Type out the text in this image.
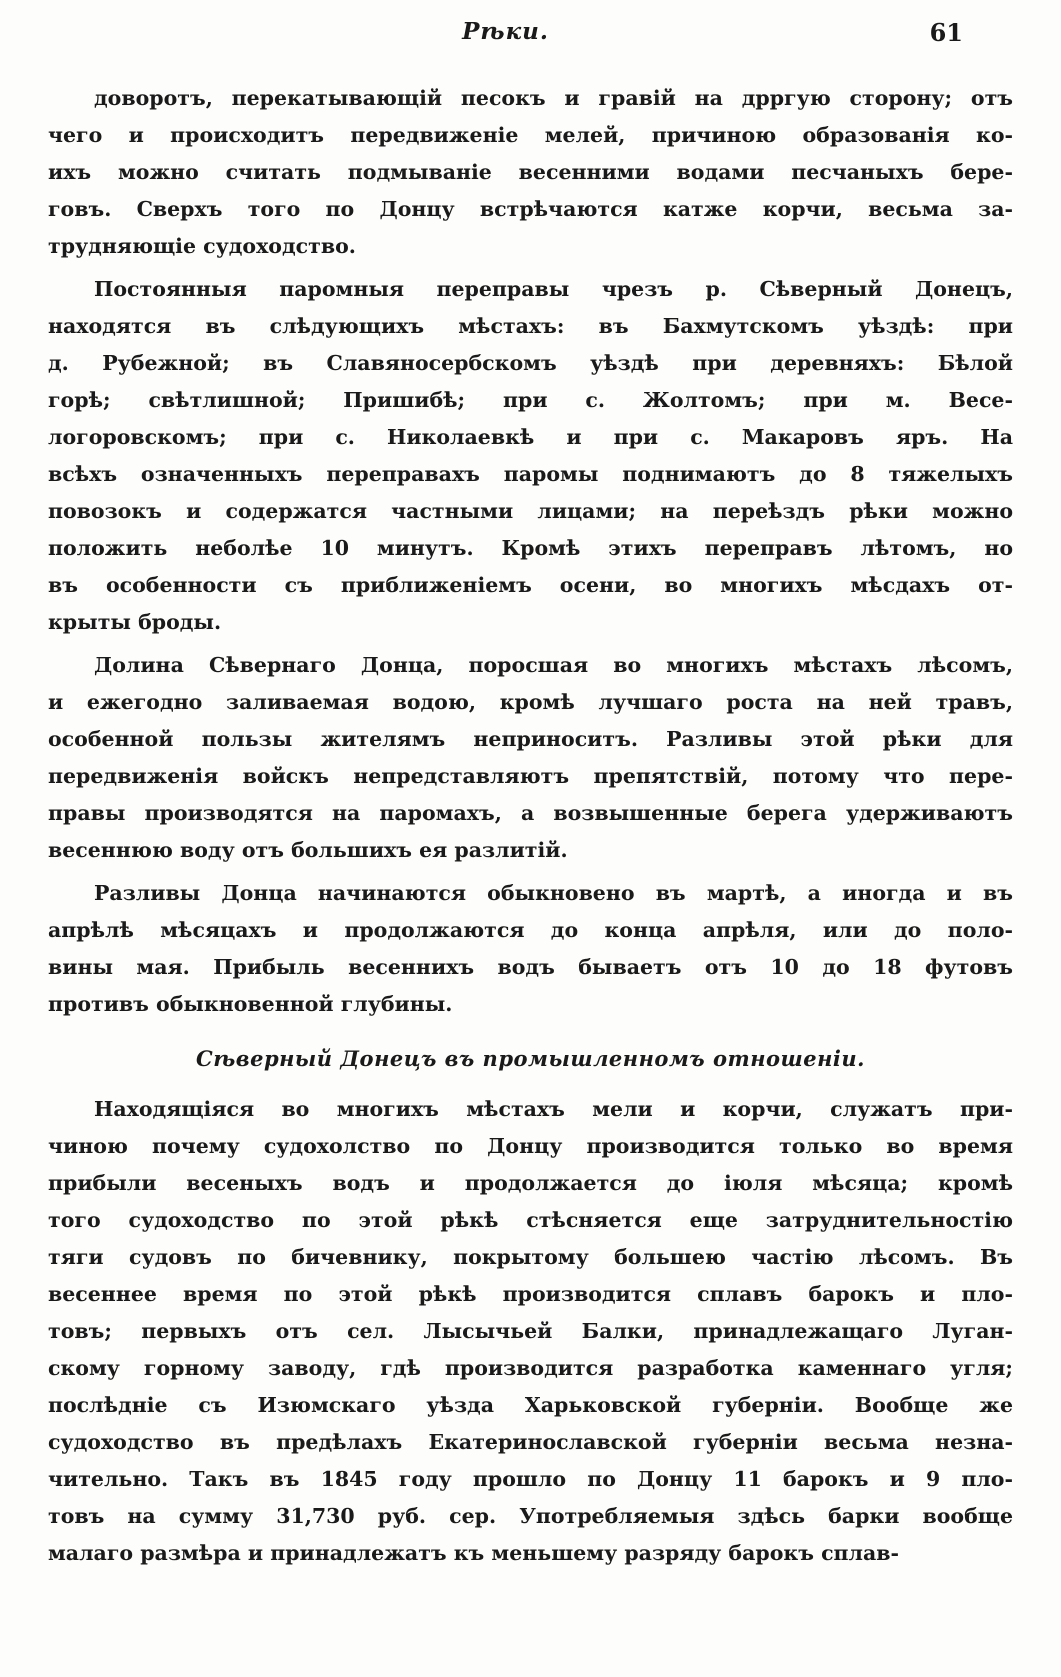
Рѣки.	61
доворотъ, перекатывающій песокъ и гравій на дрргую сторону; отъ
чего и происходитъ передвиженіе мелей, причиною образованія ко-
ихъ можно считать подмываніе весенними водами песчаныхъ бере-
говъ. Сверхъ того по Донцу встрѣчаются катже корчи, весьма за-
трудняющіе судоходство.
Постоянныя паромныя переправы чрезъ р. Сѣверный Донецъ,
находятся въ слѣдующихъ мѣстахъ: въ Бахмутскомъ уѣздѣ: при
д. Рубежной; въ Славяносербскомъ уѣздѣ при деревняхъ: Бѣлой
горѣ; свѣтлишной; Пришибѣ; при с. Жолтомъ; при м. Весе-
логоровскомъ; при с. Николаевкѣ и при с. Макаровъ яръ. На
всѣхъ означенныхъ переправахъ паромы поднимаютъ до 8 тяжелыхъ
повозокъ и содержатся частными лицами; на переѣздъ рѣки можно
положить неболѣе 10 минутъ. Кромѣ этихъ переправъ лѣтомъ, но
въ особенности съ приближеніемъ осени, во многихъ мѣсдахъ от-
крыты броды.
Долина Сѣвернаго Донца, поросшая во многихъ мѣстахъ лѣсомъ,
и ежегодно заливаемая водою, кромѣ лучшаго роста на ней травъ,
особенной пользы жителямъ неприноситъ. Разливы этой рѣки для
передвиженія войскъ непредставляютъ препятствій, потому что пере-
правы производятся на паромахъ, а возвышенные берега удерживаютъ
весеннюю воду отъ большихъ ея разлитій.
Разливы Донца начинаются обыкновено въ мартѣ, а иногда и въ
апрѣлѣ мѣсяцахъ и продолжаются до конца апрѣля, или до поло-
вины мая. Прибыль весеннихъ водъ бываетъ отъ 10 до 18 футовъ
противъ обыкновенной глубины.
Сѣверный Донецъ въ промышленномъ отношеніи.
Находящіяся во многихъ мѣстахъ мели и корчи, служатъ при-
чиною почему судохолство по Донцу производится только во время
прибыли весеныхъ водъ и продолжается до іюля мѣсяца; кромѣ
того судоходство по этой рѣкѣ стѣсняется еще затруднительностію
тяги судовъ по бичевнику, покрытому большею частію лѣсомъ. Въ
весеннее время по этой рѣкѣ производится сплавъ барокъ и пло-
товъ; первыхъ отъ сел. Лысычьей Балки, принадлежащаго Луган-
скому горному заводу, гдѣ производится разработка каменнаго угля;
послѣдніе съ Изюмскаго уѣзда Харьковской губерніи. Вообще же
судоходство въ предѣлахъ Екатеринославской губерніи весьма незна-
чительно. Такъ въ 1845 году прошло по Донцу 11 барокъ и 9 пло-
товъ на сумму 31,730 руб. сер. Употребляемыя здѣсь барки вообще
малаго размѣра и принадлежатъ къ меньшему разряду барокъ сплав-
